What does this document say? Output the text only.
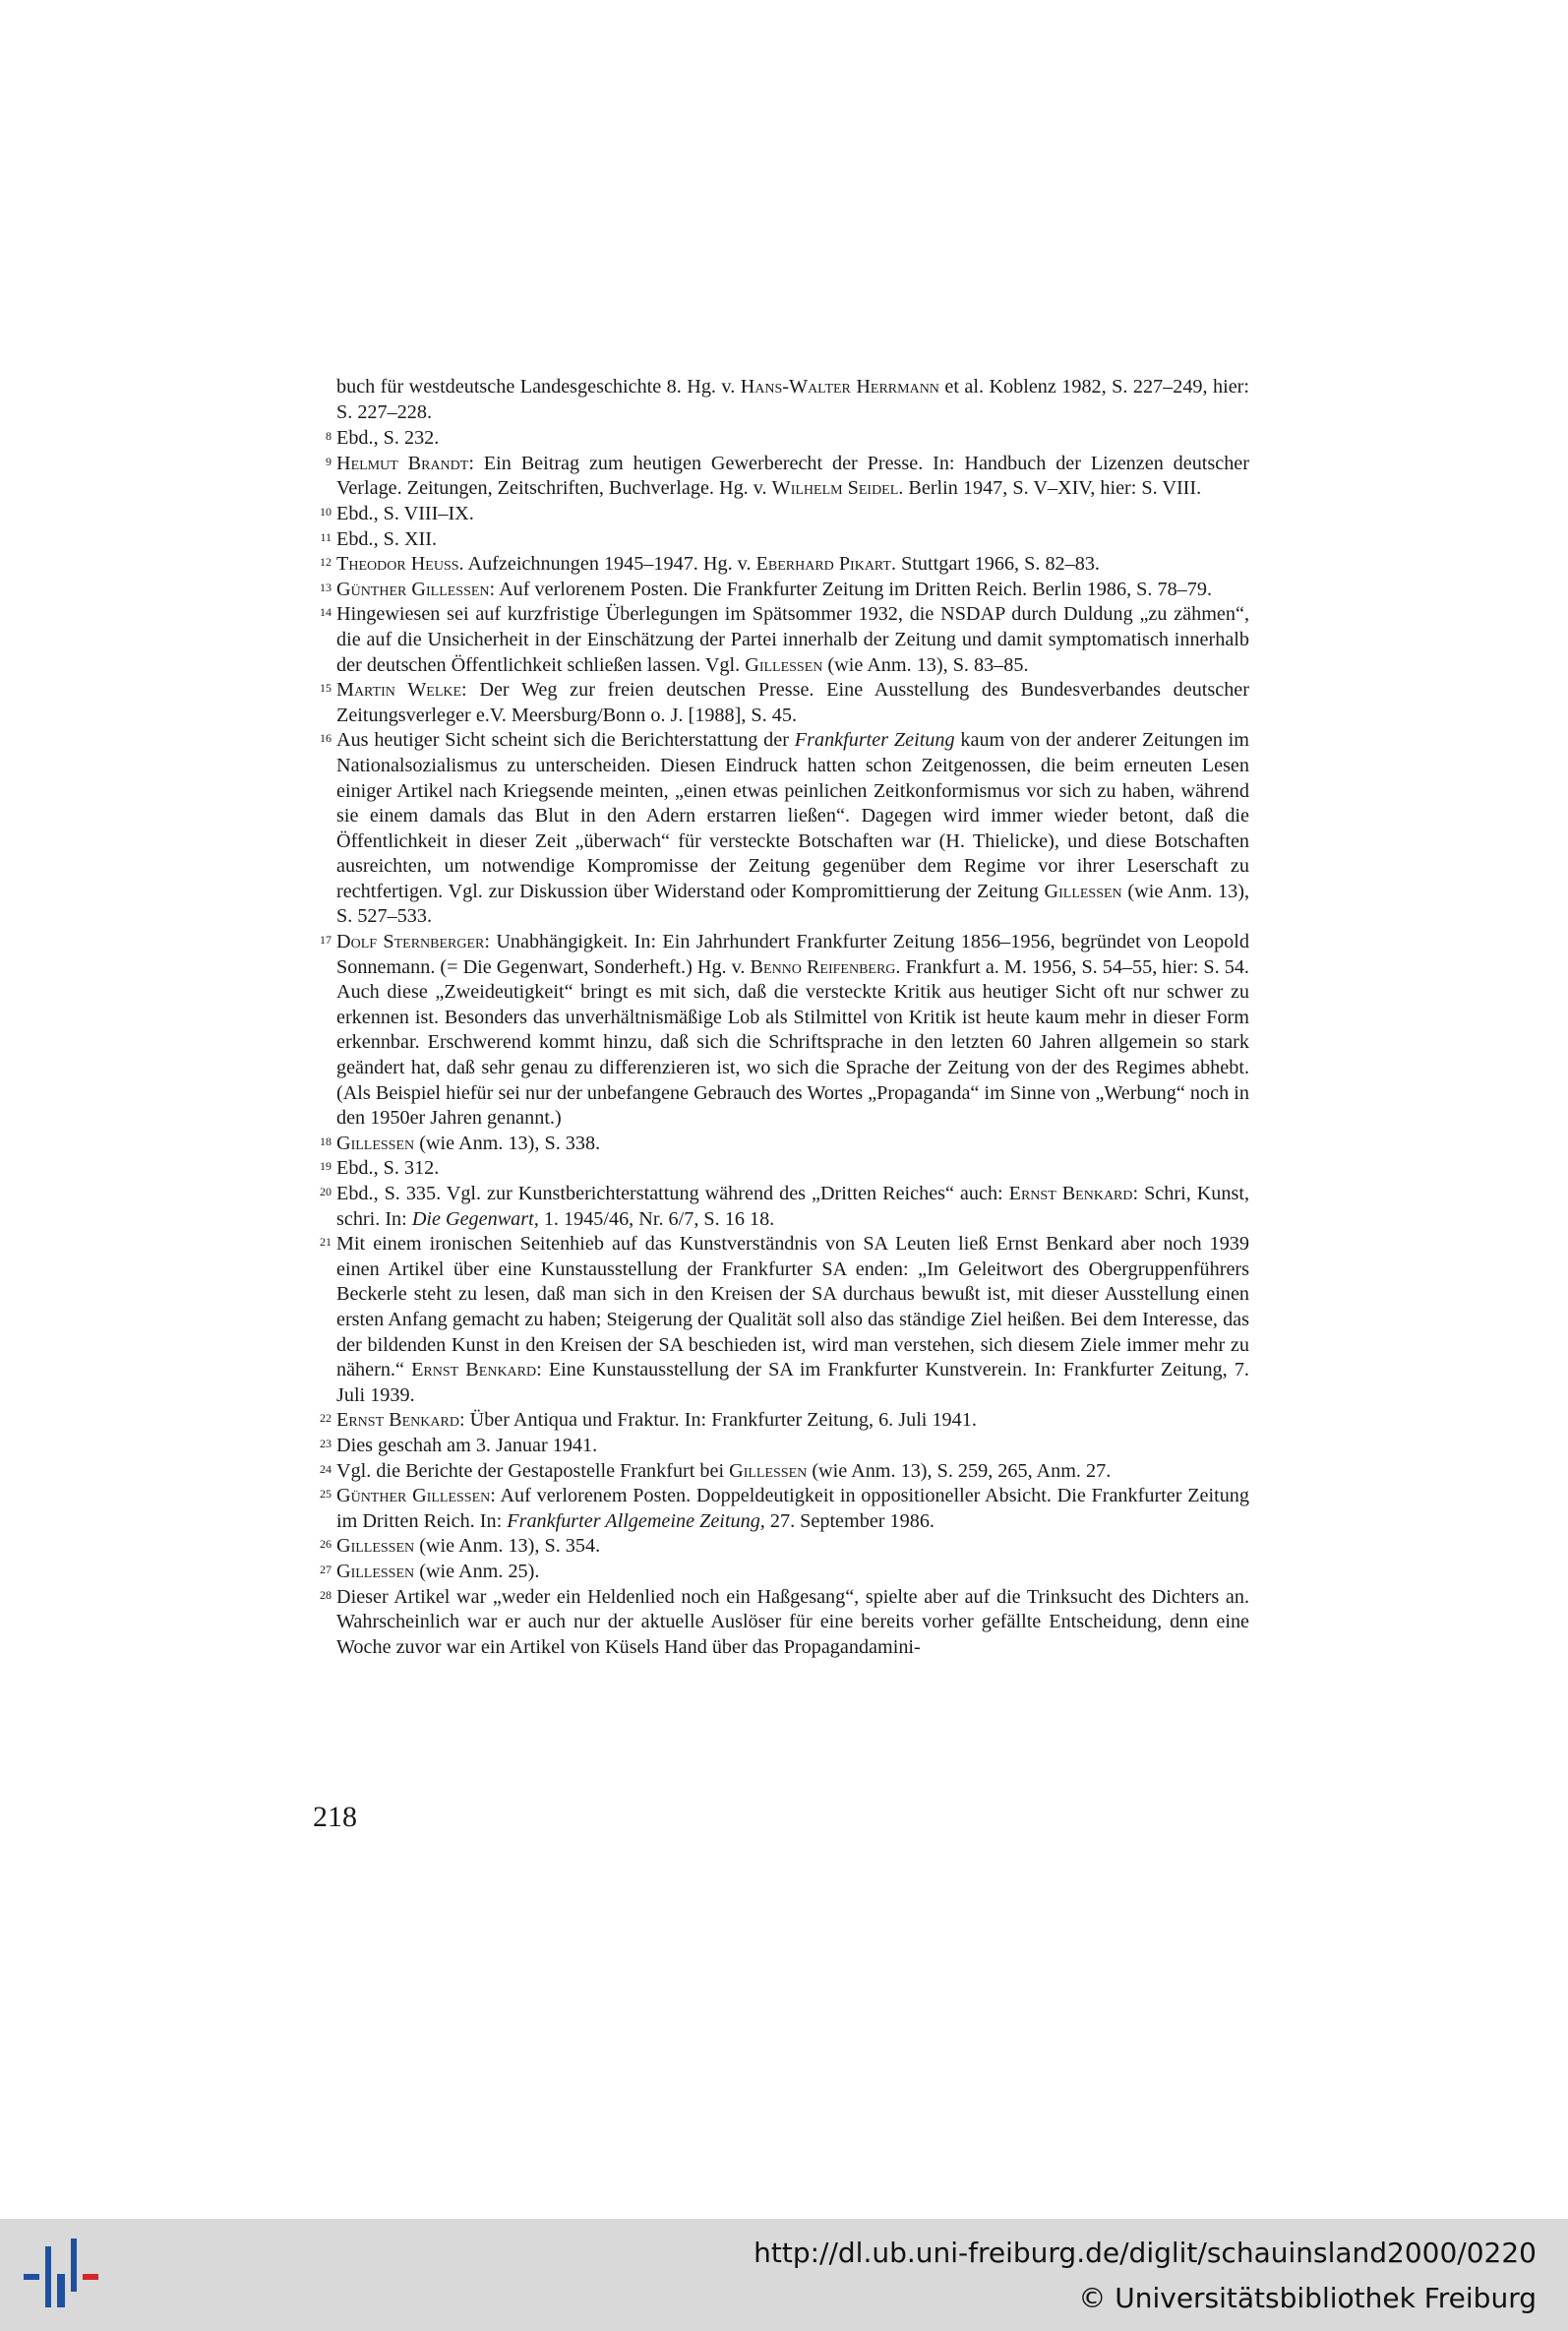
buch für westdeutsche Landesgeschichte 8. Hg. v. Hans-Walter Herrmann et al. Koblenz 1982, S. 227–249, hier: S. 227–228.

8 Ebd., S. 232.
9 Helmut Brandt: Ein Beitrag zum heutigen Gewerberecht der Presse. In: Handbuch der Lizenzen deutscher Verlage. Zeitungen, Zeitschriften, Buchverlage. Hg. v. Wilhelm Seidel. Berlin 1947, S. V–XIV, hier: S. VIII.
10 Ebd., S. VIII–IX.
11 Ebd., S. XII.
12 Theodor Heuss. Aufzeichnungen 1945–1947. Hg. v. Eberhard Pikart. Stuttgart 1966, S. 82–83.
13 Günther Gillessen: Auf verlorenem Posten. Die Frankfurter Zeitung im Dritten Reich. Berlin 1986, S. 78–79.
14 Hingewiesen sei auf kurzfristige Überlegungen im Spätsommer 1932, die NSDAP durch Duldung „zu zähmen“, die auf die Unsicherheit in der Einschätzung der Partei innerhalb der Zeitung und damit symptomatisch innerhalb der deutschen Öffentlichkeit schließen lassen. Vgl. Gillessen (wie Anm. 13), S. 83–85.
15 Martin Welke: Der Weg zur freien deutschen Presse. Eine Ausstellung des Bundesverbandes deutscher Zeitungsverleger e.V. Meersburg/Bonn o. J. [1988], S. 45.
16 Aus heutiger Sicht scheint sich die Berichterstattung der Frankfurter Zeitung kaum von der anderer Zeitungen im Nationalsozialismus zu unterscheiden. Diesen Eindruck hatten schon Zeitgenossen, die beim erneuten Lesen einiger Artikel nach Kriegsende meinten, „einen etwas peinlichen Zeitkonformismus vor sich zu haben, während sie einem damals das Blut in den Adern erstarren ließen“. Dagegen wird immer wieder betont, daß die Öffentlichkeit in dieser Zeit „überwach“ für versteckte Botschaften war (H. Thielicke), und diese Botschaften ausreichten, um notwendige Kompromisse der Zeitung gegenüber dem Regime vor ihrer Leserschaft zu rechtfertigen. Vgl. zur Diskussion über Widerstand oder Kompromittierung der Zeitung Gillessen (wie Anm. 13), S. 527–533.
17 Dolf Sternberger: Unabhängigkeit. In: Ein Jahrhundert Frankfurter Zeitung 1856–1956, begründet von Leopold Sonnemann. (= Die Gegenwart, Sonderheft.) Hg. v. Benno Reifenberg. Frankfurt a. M. 1956, S. 54–55, hier: S. 54. Auch diese „Zweideutigkeit“ bringt es mit sich, daß die versteckte Kritik aus heutiger Sicht oft nur schwer zu erkennen ist. Besonders das unverhältnismäßige Lob als Stilmittel von Kritik ist heute kaum mehr in dieser Form erkennbar. Erschwerend kommt hinzu, daß sich die Schriftsprache in den letzten 60 Jahren allgemein so stark geändert hat, daß sehr genau zu differenzieren ist, wo sich die Sprache der Zeitung von der des Regimes abhebt. (Als Beispiel hiefür sei nur der unbefangene Gebrauch des Wortes „Propaganda“ im Sinne von „Werbung“ noch in den 1950er Jahren genannt.)
18 Gillessen (wie Anm. 13), S. 338.
19 Ebd., S. 312.
20 Ebd., S. 335. Vgl. zur Kunstberichterstattung während des „Dritten Reiches“ auch: Ernst Benkard: Schri, Kunst, schri. In: Die Gegenwart, 1. 1945/46, Nr. 6/7, S. 16 18.
21 Mit einem ironischen Seitenhieb auf das Kunstverständnis von SA Leuten ließ Ernst Benkard aber noch 1939 einen Artikel über eine Kunstausstellung der Frankfurter SA enden: „Im Geleitwort des Obergruppenführers Beckerle steht zu lesen, daß man sich in den Kreisen der SA durchaus bewußt ist, mit dieser Ausstellung einen ersten Anfang gemacht zu haben; Steigerung der Qualität soll also das ständige Ziel heißen. Bei dem Interesse, das der bildenden Kunst in den Kreisen der SA beschieden ist, wird man verstehen, sich diesem Ziele immer mehr zu nähern.“ Ernst Benkard: Eine Kunstausstellung der SA im Frankfurter Kunstverein. In: Frankfurter Zeitung, 7. Juli 1939.
22 Ernst Benkard: Über Antiqua und Fraktur. In: Frankfurter Zeitung, 6. Juli 1941.
23 Dies geschah am 3. Januar 1941.
24 Vgl. die Berichte der Gestapostelle Frankfurt bei Gillessen (wie Anm. 13), S. 259, 265, Anm. 27.
25 Günther Gillessen: Auf verlorenem Posten. Doppeldeutigkeit in oppositioneller Absicht. Die Frankfurter Zeitung im Dritten Reich. In: Frankfurter Allgemeine Zeitung, 27. September 1986.
26 Gillessen (wie Anm. 13), S. 354.
27 Gillessen (wie Anm. 25).
28 Dieser Artikel war „weder ein Heldenlied noch ein Haßgesang“, spielte aber auf die Trinksucht des Dichters an. Wahrscheinlich war er auch nur der aktuelle Auslöser für eine bereits vorher gefällte Entscheidung, denn eine Woche zuvor war ein Artikel von Küsels Hand über das Propagandamini-
218
http://dl.ub.uni-freiburg.de/diglit/schauinsland2000/0220
© Universitätsbibliothek Freiburg
